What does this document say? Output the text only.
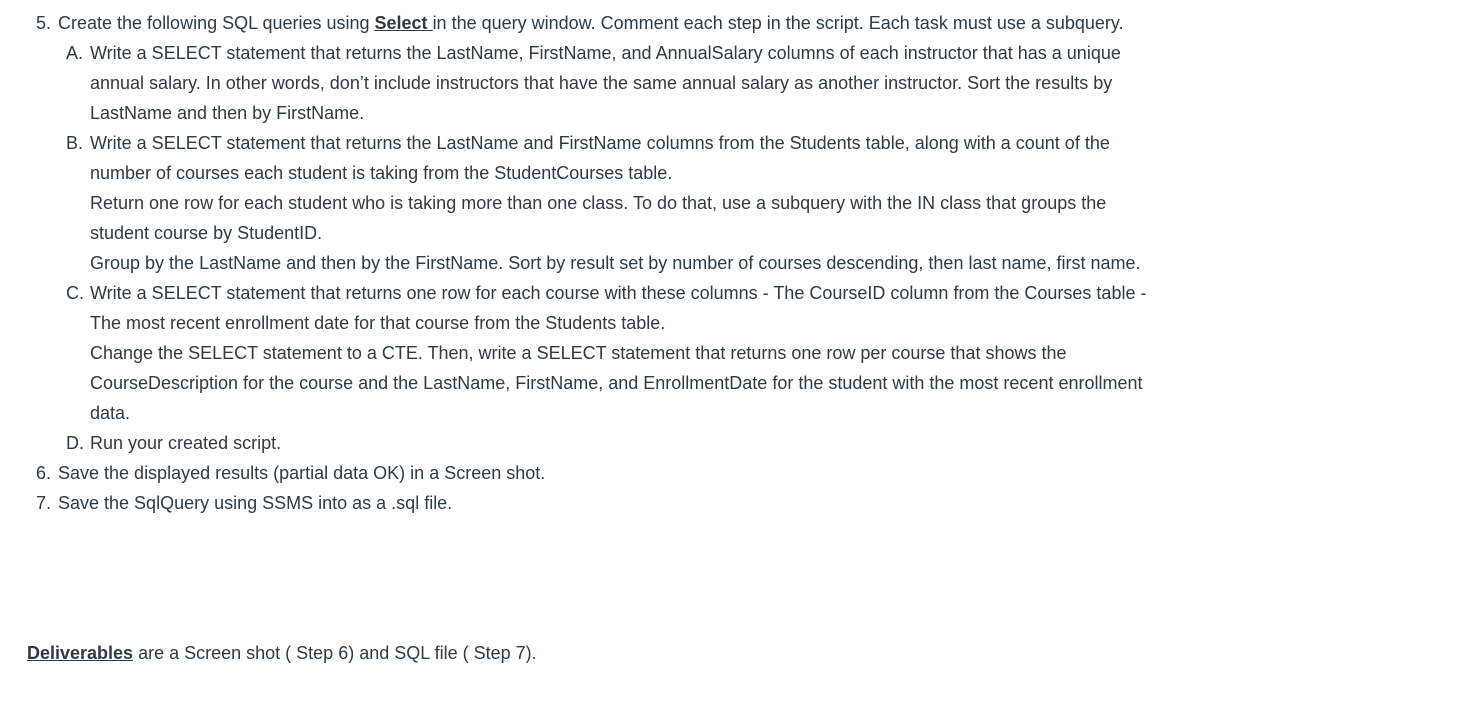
5. Create the following SQL queries using Select in the query window. Comment each step in the script. Each task must use a subquery.
A. Write a SELECT statement that returns the LastName, FirstName, and AnnualSalary columns of each instructor that has a unique annual salary. In other words, don’t include instructors that have the same annual salary as another instructor. Sort the results by LastName and then by FirstName.
B. Write a SELECT statement that returns the LastName and FirstName columns from the Students table, along with a count of the number of courses each student is taking from the StudentCourses table.
Return one row for each student who is taking more than one class. To do that, use a subquery with the IN class that groups the student course by StudentID.
Group by the LastName and then by the FirstName. Sort by result set by number of courses descending, then last name, first name.
C. Write a SELECT statement that returns one row for each course with these columns - The CourseID column from the Courses table - The most recent enrollment date for that course from the Students table.
Change the SELECT statement to a CTE. Then, write a SELECT statement that returns one row per course that shows the CourseDescription for the course and the LastName, FirstName, and EnrollmentDate for the student with the most recent enrollment data.
D. Run your created script.
6. Save the displayed results (partial data OK) in a Screen shot.
7. Save the SqlQuery using SSMS into as a .sql file.
Deliverables are a Screen shot ( Step 6) and SQL file ( Step 7).
